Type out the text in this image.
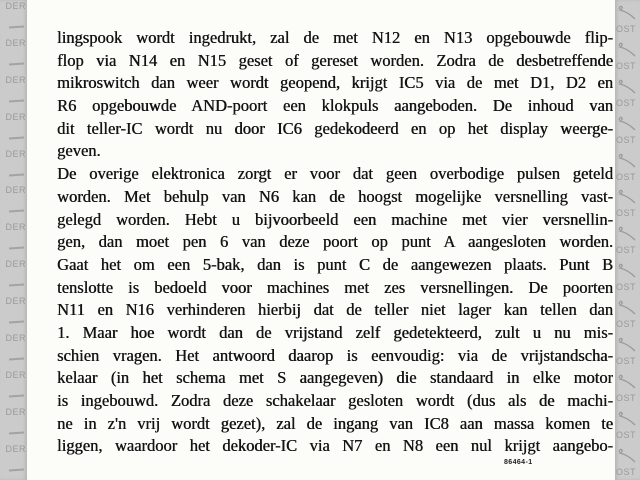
DER
DER
DER
DER
DER
DER
DER
DER
DER
DER
DER
DER
DER
lingspook wordt ingedrukt, zal de met N12 en N13 opgebouwde flip-
flop via N14 en N15 geset of gereset worden. Zodra de desbetreffende
mikroswitch dan weer wordt geopend, krijgt IC5 via de met D1, D2 en
R6 opgebouwde AND-poort een klokpuls aangeboden. De inhoud van
dit teller-IC wordt nu door IC6 gedekodeerd en op het display weerge-
geven.
De overige elektronica zorgt er voor dat geen overbodige pulsen geteld
worden. Met behulp van N6 kan de hoogst mogelijke versnelling vast-
gelegd worden. Hebt u bijvoorbeeld een machine met vier versnellin-
gen, dan moet pen 6 van deze poort op punt A aangesloten worden.
Gaat het om een 5-bak, dan is punt C de aangewezen plaats. Punt B
tenslotte is bedoeld voor machines met zes versnellingen. De poorten
N11 en N16 verhinderen hierbij dat de teller niet lager kan tellen dan
1. Maar hoe wordt dan de vrijstand zelf gedetekteerd, zult u nu mis-
schien vragen. Het antwoord daarop is eenvoudig: via de vrijstandscha-
kelaar (in het schema met S aangegeven) die standaard in elke motor
is ingebouwd. Zodra deze schakelaar gesloten wordt (dus als de machi-
ne in z'n vrij wordt gezet), zal de ingang van IC8 aan massa komen te
liggen, waardoor het dekoder-IC via N7 en N8 een nul krijgt aangebo-
86464-1
OST
OST
OST
OST
OST
OST
OST
OST
OST
OST
OST
OST
OST
